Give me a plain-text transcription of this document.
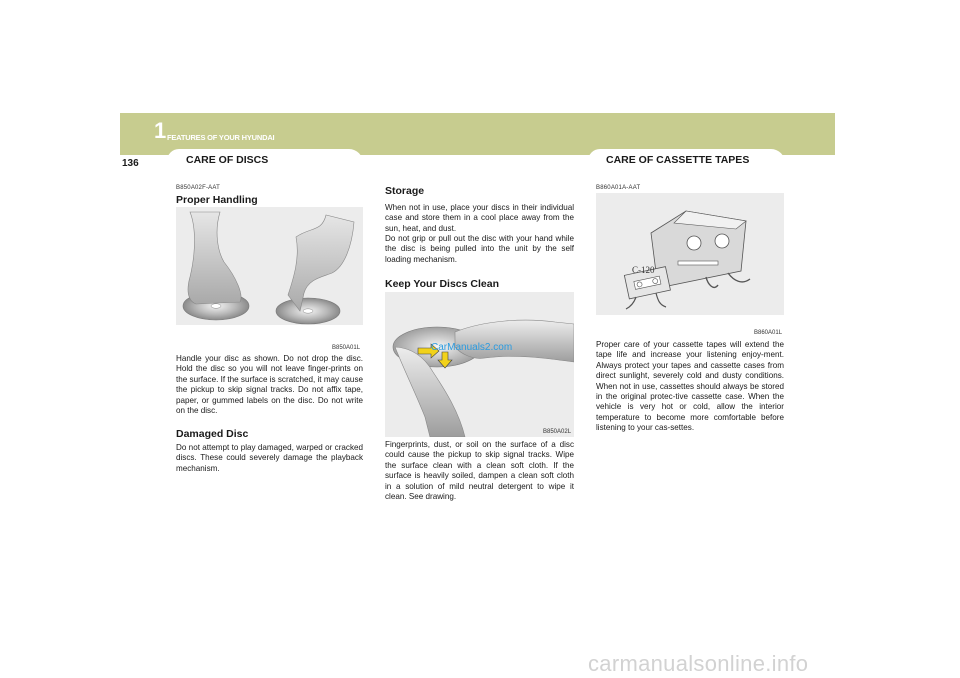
1 FEATURES OF YOUR HYUNDAI
136	CARE OF DISCS	CARE OF CASSETTE TAPES
B850A02F-AAT
Proper Handling
B850A01L
Handle your disc as shown. Do not drop the disc. Hold the disc so you will not leave finger-prints on the surface. If the surface is scratched, it may cause the pickup to skip signal tracks. Do not affix tape, paper, or gummed labels on the disc. Do not write on the disc.
Damaged Disc
Do not attempt to play damaged, warped or cracked discs. These could severely damage the playback mechanism.
Storage
When not in use, place your discs in their individual case and store them in a cool place away from the sun, heat, and dust.
Do not grip or pull out the disc with your hand while the disc is being pulled into the unit by the self loading mechanism.
Keep Your Discs Clean
CarManuals2.com
B850A02L
Fingerprints, dust, or soil on the surface of a disc could cause the pickup to skip signal tracks. Wipe the surface clean with a clean soft cloth. If the surface is heavily soiled, dampen a clean soft cloth in a solution of mild neutral detergent to wipe it clean. See drawing.
B860A01A-AAT
C-120
B860A01L
Proper care of your cassette tapes will extend the tape life and increase your listening enjoy-ment. Always protect your tapes and cassette cases from direct sunlight, severely cold and dusty conditions. When not in use, cassettes should always be stored in the original protec-tive cassette case. When the vehicle is very hot or cold, allow the interior temperature to become more comfortable before listening to your cas-settes.
carmanualsonline.info
